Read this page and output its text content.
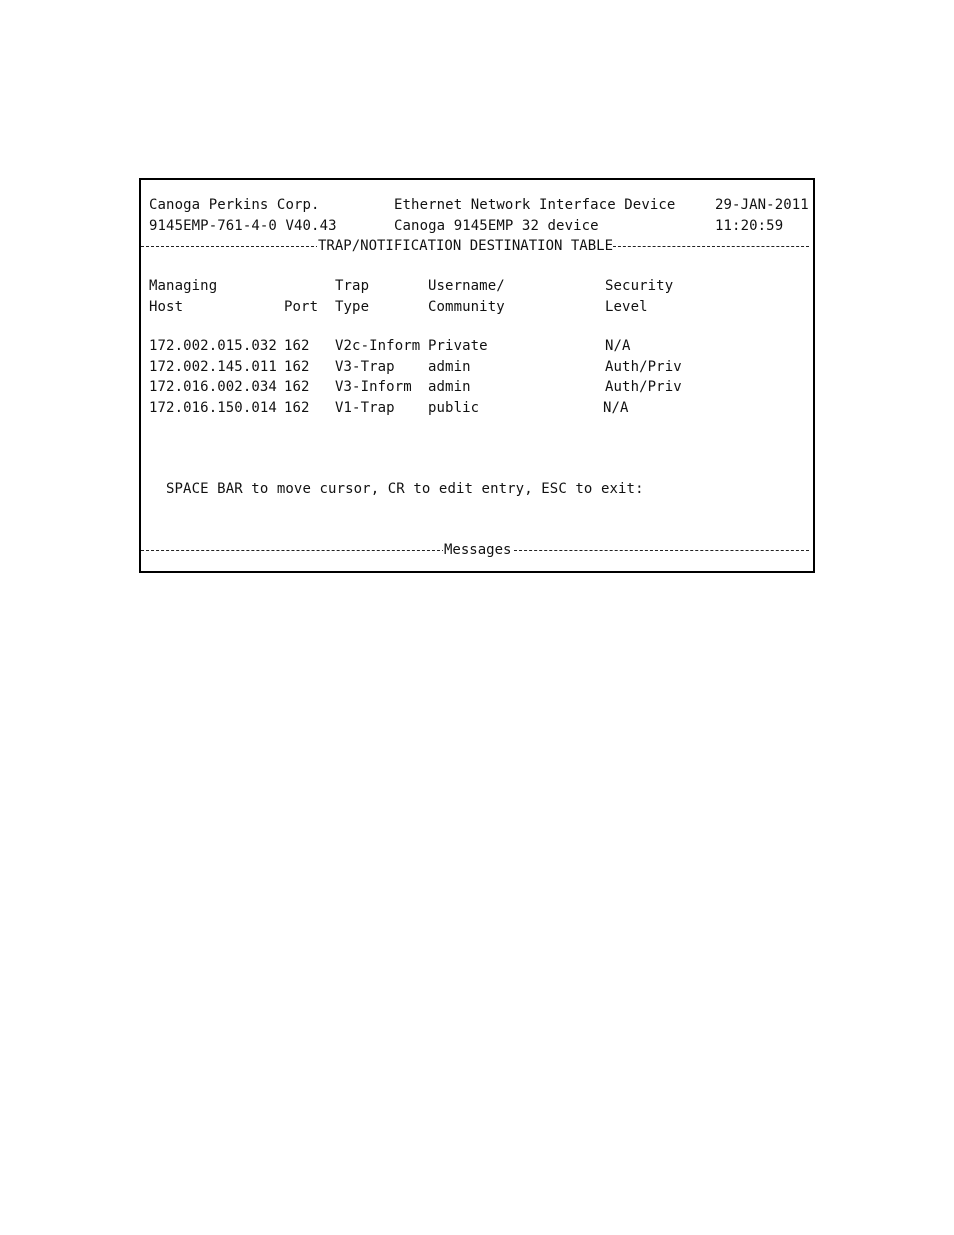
Canoga Perkins Corp.	Ethernet Network Interface Device	29-JAN-2011
9145EMP-761-4-0 V40.43	Canoga 9145EMP 32 device	11:20:59
TRAP/NOTIFICATION DESTINATION TABLE
Managing	Trap	Username/	Security
Host	Port Type	Community	Level
172.002.015.032 162 V2c-Inform Private	N/A
172.002.145.011 162 V3-Trap admin	Auth/Priv
172.016.002.034 162 V3-Inform admin	Auth/Priv
172.016.150.014 162 V1-Trap public	N/A
SPACE BAR to move cursor, CR to edit entry, ESC to exit:
Messages
